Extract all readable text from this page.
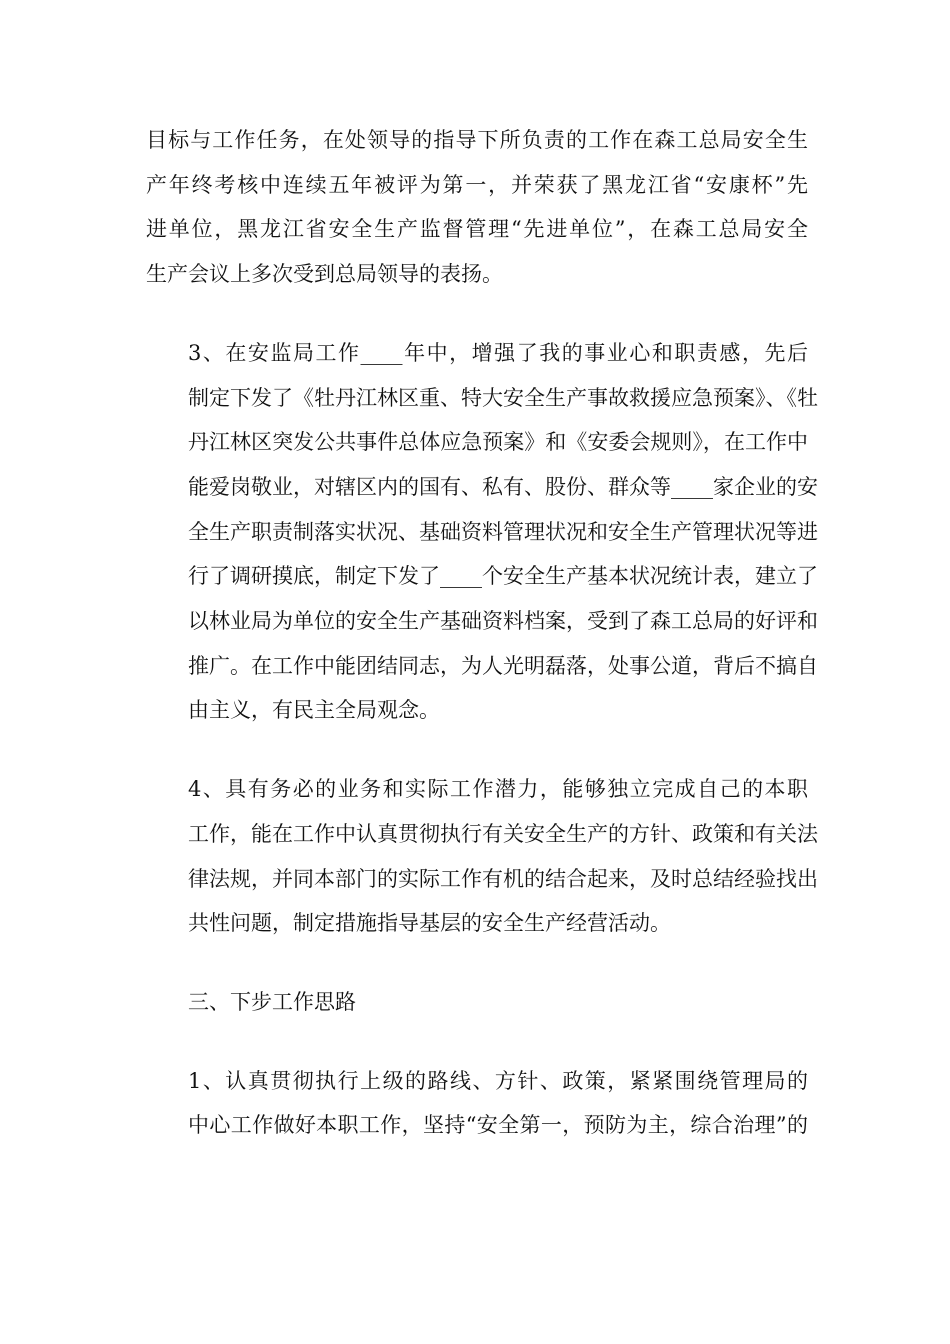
目标与工作任务，在处领导的指导下所负责的工作在森工总局安全生
产年终考核中连续五年被评为第一，并荣获了黑龙江省“安康杯”先
进单位，黑龙江省安全生产监督管理“先进单位”，在森工总局安全
生产会议上多次受到总局领导的表扬。
3、在安监局工作____年中，增强了我的事业心和职责感，先后
制定下发了《牡丹江林区重、特大安全生产事故救援应急预案》、《牡
丹江林区突发公共事件总体应急预案》和《安委会规则》，在工作中
能爱岗敬业，对辖区内的国有、私有、股份、群众等____家企业的安
全生产职责制落实状况、基础资料管理状况和安全生产管理状况等进
行了调研摸底，制定下发了____个安全生产基本状况统计表，建立了
以林业局为单位的安全生产基础资料档案，受到了森工总局的好评和
推广。在工作中能团结同志，为人光明磊落，处事公道，背后不搞自
由主义，有民主全局观念。
4、具有务必的业务和实际工作潜力，能够独立完成自己的本职
工作，能在工作中认真贯彻执行有关安全生产的方针、政策和有关法
律法规，并同本部门的实际工作有机的结合起来，及时总结经验找出
共性问题，制定措施指导基层的安全生产经营活动。
三、下步工作思路
1、认真贯彻执行上级的路线、方针、政策，紧紧围绕管理局的
中心工作做好本职工作，坚持“安全第一，预防为主，综合治理”的
